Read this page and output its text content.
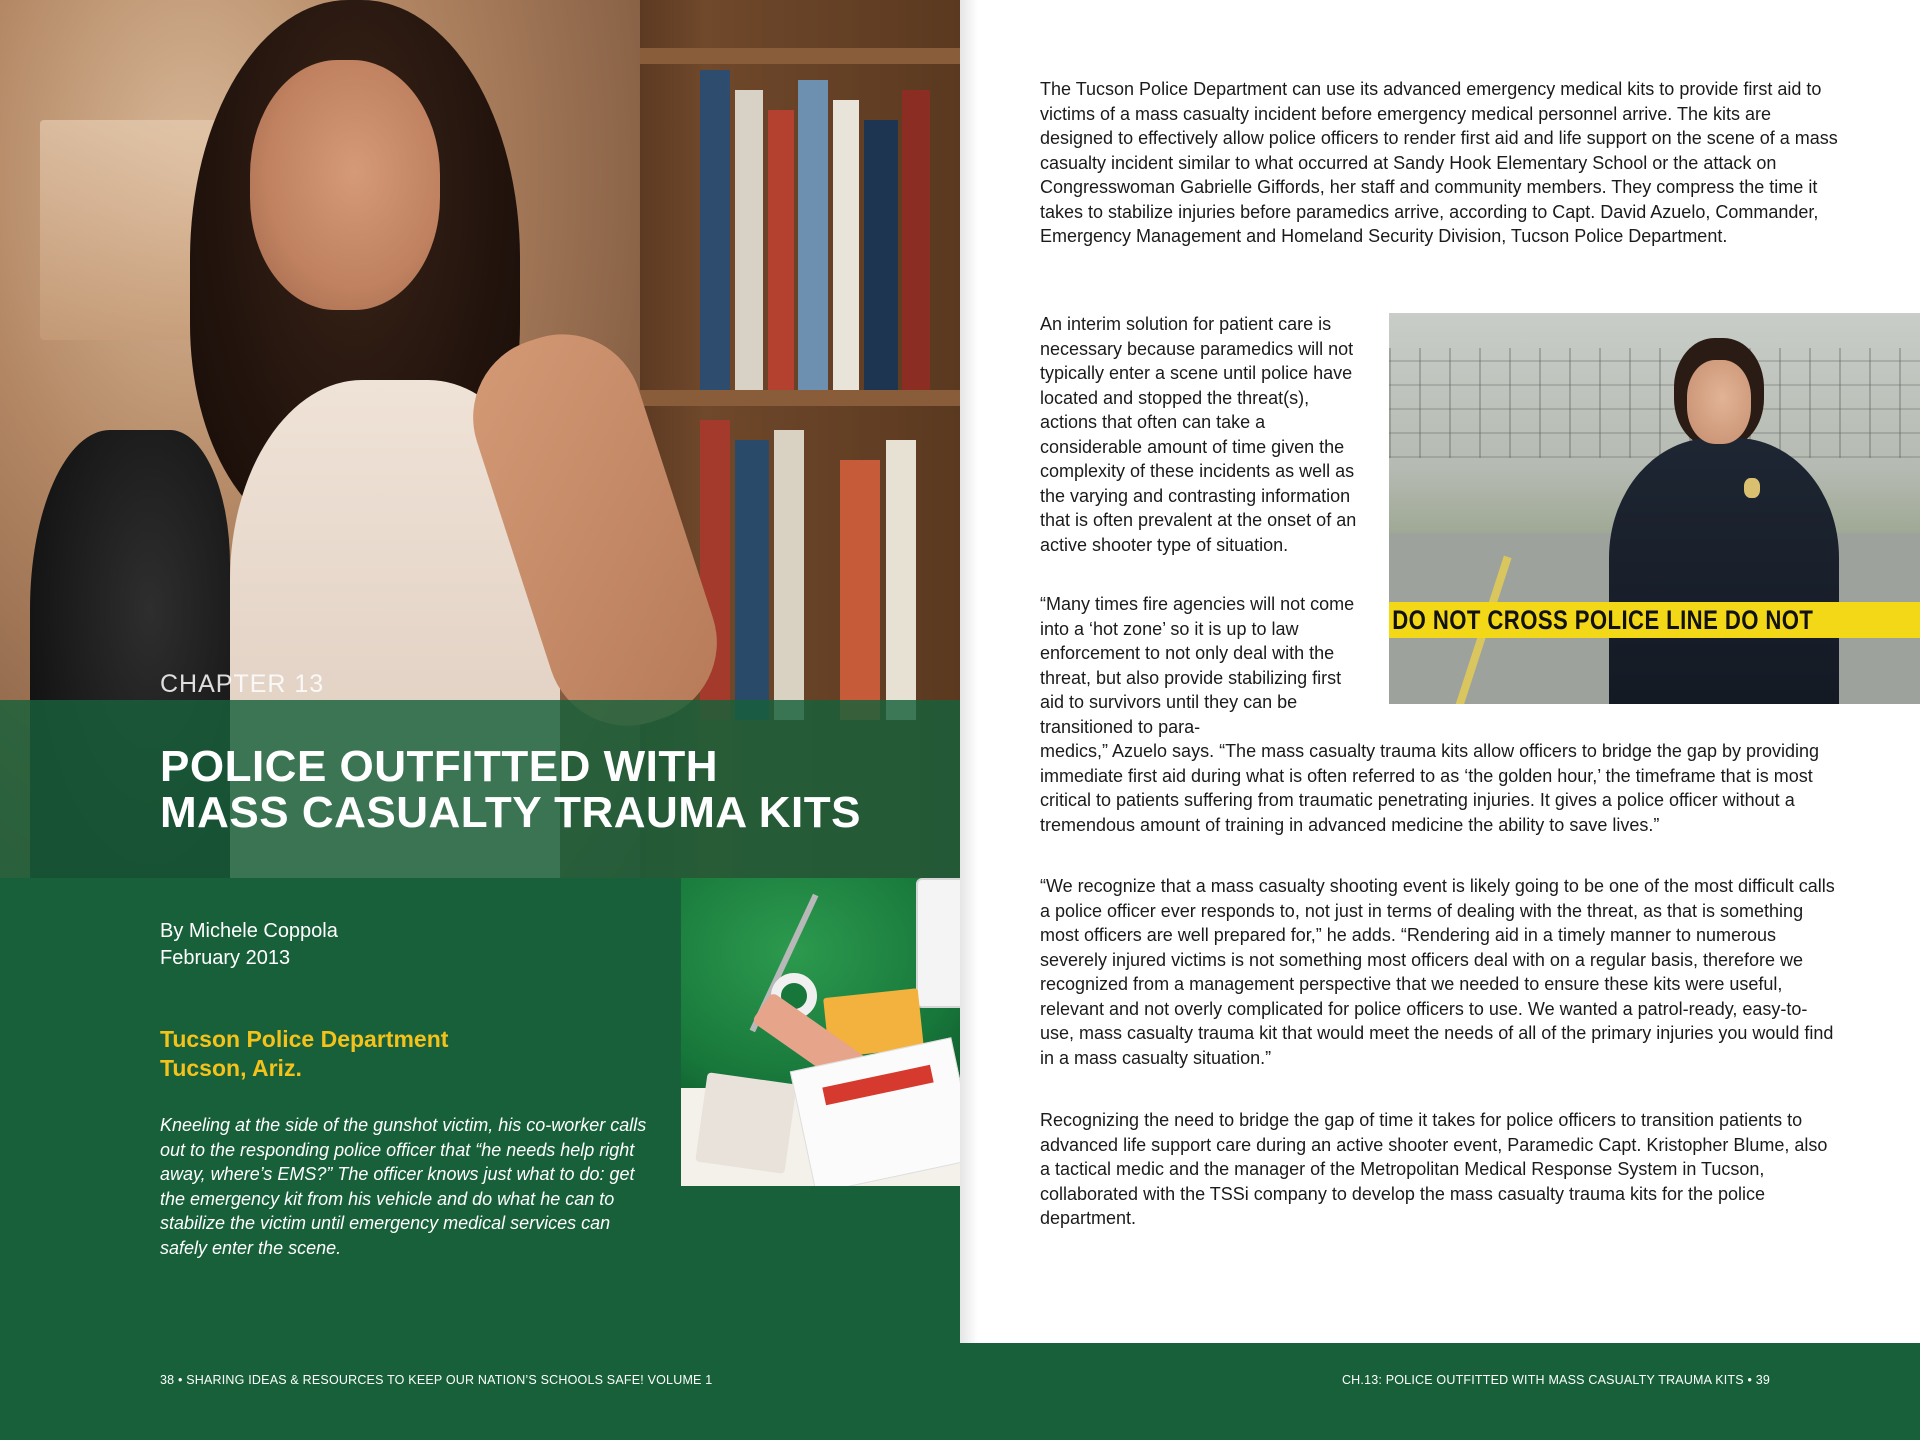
CHAPTER 13
POLICE OUTFITTED WITH
MASS CASUALTY TRAUMA KITS
By Michele Coppola
February 2013
Tucson Police Department
Tucson, Ariz.

Kneeling at the side of the gunshot victim, his co-worker calls out to the responding police officer that “he needs help right away, where’s EMS?” The officer knows just what to do: get the emergency kit from his vehicle and do what he can to stabilize the victim until emergency medical services can safely enter the scene.

38 • SHARING IDEAS & RESOURCES TO KEEP OUR NATION’S SCHOOLS SAFE! VOLUME 1

The Tucson Police Department can use its advanced emergency medical kits to provide first aid to victims of a mass casualty incident before emergency medical personnel arrive. The kits are designed to effectively allow police officers to render first aid and life support on the scene of a mass casualty incident similar to what occurred at Sandy Hook Elementary School or the attack on Congresswoman Gabrielle Giffords, her staff and community members. They compress the time it takes to stabilize injuries before paramedics arrive, according to Capt. David Azuelo, Commander, Emergency Management and Homeland Security Division, Tucson Police Department.

An interim solution for patient care is necessary because paramedics will not typically enter a scene until police have located and stopped the threat(s), actions that often can take a considerable amount of time given the complexity of these incidents as well as the varying and contrasting information that is often prevalent at the onset of an active shooter type of situation.

DO NOT CROSS POLICE LINE DO NOT

“Many times fire agencies will not come into a ‘hot zone’ so it is up to law enforcement to not only deal with the threat, but also provide stabilizing first aid to survivors until they can be transitioned to para-

medics,” Azuelo says. “The mass casualty trauma kits allow officers to bridge the gap by providing immediate first aid during what is often referred to as ‘the golden hour,’ the timeframe that is most critical to patients suffering from traumatic penetrating injuries. It gives a police officer without a tremendous amount of training in advanced medicine the ability to save lives.”

“We recognize that a mass casualty shooting event is likely going to be one of the most difficult calls a police officer ever responds to, not just in terms of dealing with the threat, as that is something most officers are well prepared for,” he adds. “Rendering aid in a timely manner to numerous severely injured victims is not something most officers deal with on a regular basis, therefore we recognized from a management perspective that we needed to ensure these kits were useful, relevant and not overly complicated for police officers to use. We wanted a patrol-ready, easy-to-use, mass casualty trauma kit that would meet the needs of all of the primary injuries you would find in a mass casualty situation.”

Recognizing the need to bridge the gap of time it takes for police officers to transition patients to advanced life support care during an active shooter event, Paramedic Capt. Kristopher Blume, also a tactical medic and the manager of the Metropolitan Medical Response System in Tucson, collaborated with the TSSi company to develop the mass casualty trauma kits for the police department.

CH.13: POLICE OUTFITTED WITH MASS CASUALTY TRAUMA KITS • 39
